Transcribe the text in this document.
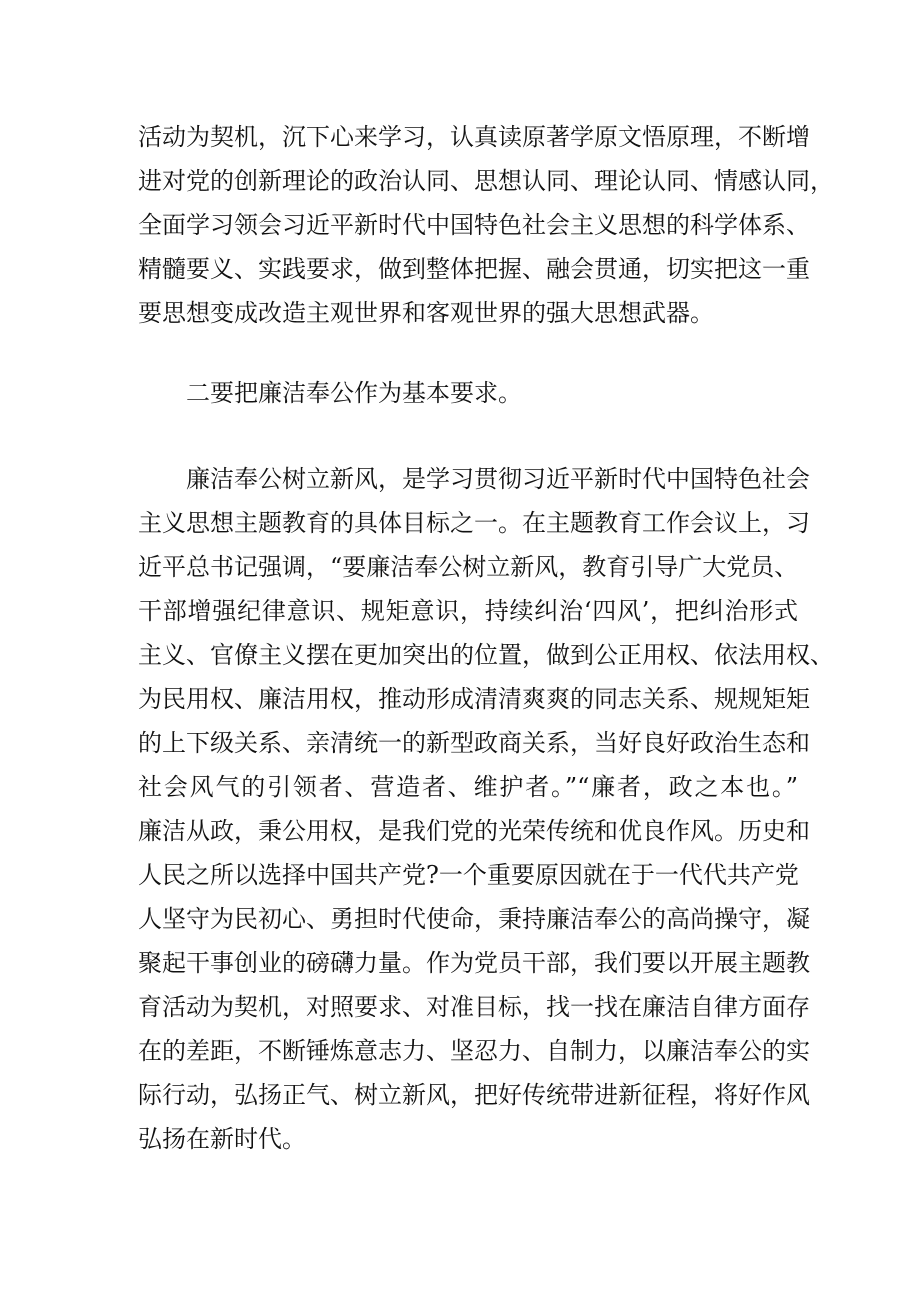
活动为契机，沉下心来学习，认真读原著学原文悟原理，不断增
进对党的创新理论的政治认同、思想认同、理论认同、情感认同，
全面学习领会习近平新时代中国特色社会主义思想的科学体系、
精髓要义、实践要求，做到整体把握、融会贯通，切实把这一重
要思想变成改造主观世界和客观世界的强大思想武器。
二要把廉洁奉公作为基本要求。
廉洁奉公树立新风，是学习贯彻习近平新时代中国特色社会
主义思想主题教育的具体目标之一。在主题教育工作会议上，习
近平总书记强调，“要廉洁奉公树立新风，教育引导广大党员、
干部增强纪律意识、规矩意识，持续纠治‘四风’，把纠治形式
主义、官僚主义摆在更加突出的位置，做到公正用权、依法用权、
为民用权、廉洁用权，推动形成清清爽爽的同志关系、规规矩矩
的上下级关系、亲清统一的新型政商关系，当好良好政治生态和
社会风气的引领者、营造者、维护者。”“廉者，政之本也。”
廉洁从政，秉公用权，是我们党的光荣传统和优良作风。历史和
人民之所以选择中国共产党?一个重要原因就在于一代代共产党
人坚守为民初心、勇担时代使命，秉持廉洁奉公的高尚操守，凝
聚起干事创业的磅礴力量。作为党员干部，我们要以开展主题教
育活动为契机，对照要求、对准目标，找一找在廉洁自律方面存
在的差距，不断锤炼意志力、坚忍力、自制力，以廉洁奉公的实
际行动，弘扬正气、树立新风，把好传统带进新征程，将好作风
弘扬在新时代。
